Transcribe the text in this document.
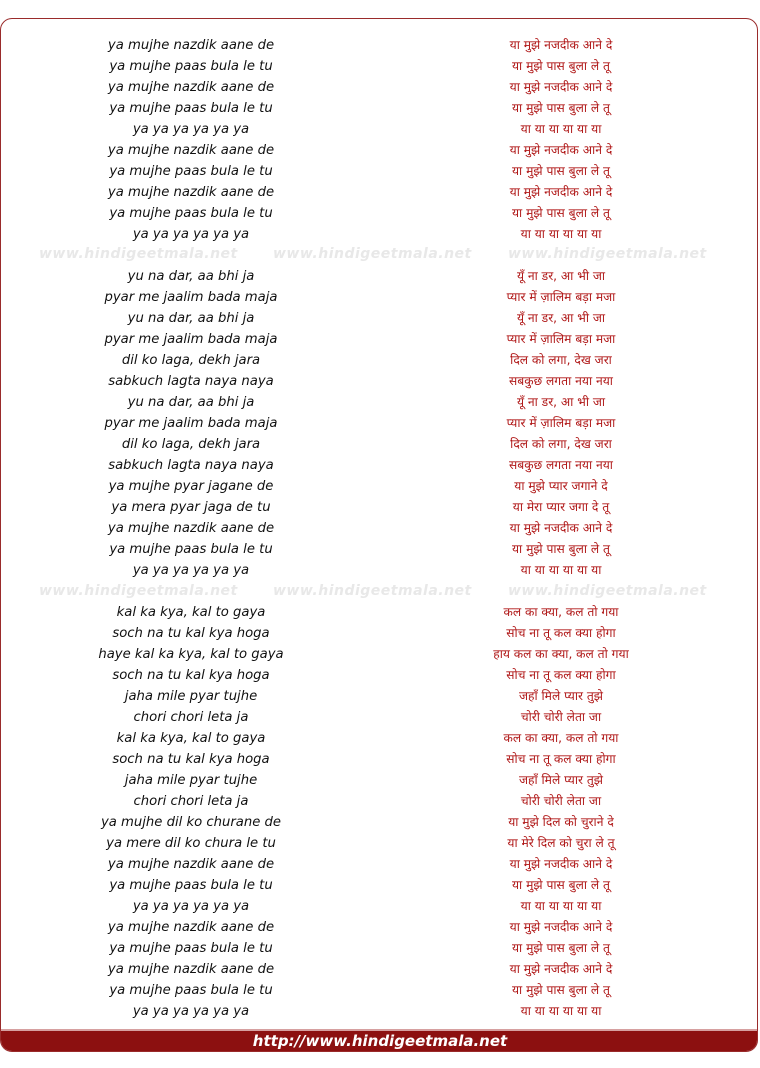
www.hindigeetmala.net	www.hindigeetmala.net	www.hindigeetmala.net
www.hindigeetmala.net	www.hindigeetmala.net	www.hindigeetmala.net
ya mujhe nazdik aane de
ya mujhe paas bula le tu
ya mujhe nazdik aane de
ya mujhe paas bula le tu
ya ya ya ya ya ya
ya mujhe nazdik aane de
ya mujhe paas bula le tu
ya mujhe nazdik aane de
ya mujhe paas bula le tu
ya ya ya ya ya ya
yu na dar, aa bhi ja
pyar me jaalim bada maja
yu na dar, aa bhi ja
pyar me jaalim bada maja
dil ko laga, dekh jara
sabkuch lagta naya naya
yu na dar, aa bhi ja
pyar me jaalim bada maja
dil ko laga, dekh jara
sabkuch lagta naya naya
ya mujhe pyar jagane de
ya mera pyar jaga de tu
ya mujhe nazdik aane de
ya mujhe paas bula le tu
ya ya ya ya ya ya
kal ka kya, kal to gaya
soch na tu kal kya hoga
haye kal ka kya, kal to gaya
soch na tu kal kya hoga
jaha mile pyar tujhe
chori chori leta ja
kal ka kya, kal to gaya
soch na tu kal kya hoga
jaha mile pyar tujhe
chori chori leta ja
ya mujhe dil ko churane de
ya mere dil ko chura le tu
ya mujhe nazdik aane de
ya mujhe paas bula le tu
ya ya ya ya ya ya
ya mujhe nazdik aane de
ya mujhe paas bula le tu
ya mujhe nazdik aane de
ya mujhe paas bula le tu
ya ya ya ya ya ya
या मुझे नजदीक आने दे
या मुझे पास बुला ले तू
या मुझे नजदीक आने दे
या मुझे पास बुला ले तू
या या या या या या
या मुझे नजदीक आने दे
या मुझे पास बुला ले तू
या मुझे नजदीक आने दे
या मुझे पास बुला ले तू
या या या या या या
यूँ ना डर, आ भी जा
प्यार में ज़ालिम बड़ा मजा
यूँ ना डर, आ भी जा
प्यार में ज़ालिम बड़ा मजा
दिल को लगा, देख जरा
सबकुछ लगता नया नया
यूँ ना डर, आ भी जा
प्यार में ज़ालिम बड़ा मजा
दिल को लगा, देख जरा
सबकुछ लगता नया नया
या मुझे प्यार जगाने दे
या मेरा प्यार जगा दे तू
या मुझे नजदीक आने दे
या मुझे पास बुला ले तू
या या या या या या
कल का क्या, कल तो गया
सोच ना तू कल क्या होगा
हाय कल का क्या, कल तो गया
सोच ना तू कल क्या होगा
जहाँ मिले प्यार तुझे
चोरी चोरी लेता जा
कल का क्या, कल तो गया
सोच ना तू कल क्या होगा
जहाँ मिले प्यार तुझे
चोरी चोरी लेता जा
या मुझे दिल को चुराने दे
या मेरे दिल को चुरा ले तू
या मुझे नजदीक आने दे
या मुझे पास बुला ले तू
या या या या या या
या मुझे नजदीक आने दे
या मुझे पास बुला ले तू
या मुझे नजदीक आने दे
या मुझे पास बुला ले तू
या या या या या या
http://www.hindigeetmala.net
